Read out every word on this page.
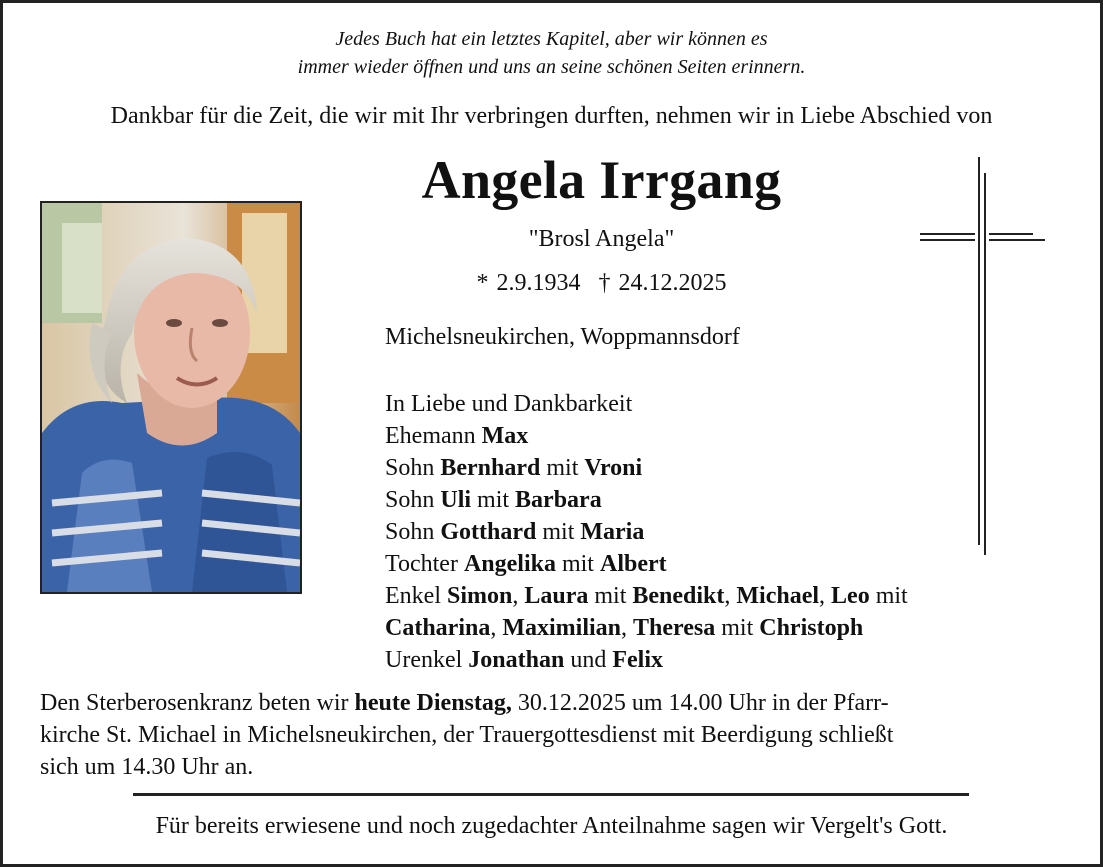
Jedes Buch hat ein letztes Kapitel, aber wir können es
immer wieder öffnen und uns an seine schönen Seiten erinnern.
Dankbar für die Zeit, die wir mit Ihr verbringen durften, nehmen wir in Liebe Abschied von
Angela Irrgang
"Brosl Angela"
* 2.9.1934 † 24.12.2025
Michelsneukirchen, Woppmannsdorf
In Liebe und Dankbarkeit
Ehemann Max
Sohn Bernhard mit Vroni
Sohn Uli mit Barbara
Sohn Gotthard mit Maria
Tochter Angelika mit Albert
Enkel Simon, Laura mit Benedikt, Michael, Leo mit
Catharina, Maximilian, Theresa mit Christoph
Urenkel Jonathan und Felix
Den Sterberosenkranz beten wir heute Dienstag, 30.12.2025 um 14.00 Uhr in der Pfarr-
kirche St. Michael in Michelsneukirchen, der Trauergottesdienst mit Beerdigung schließt
sich um 14.30 Uhr an.
Für bereits erwiesene und noch zugedachter Anteilnahme sagen wir Vergelt's Gott.
